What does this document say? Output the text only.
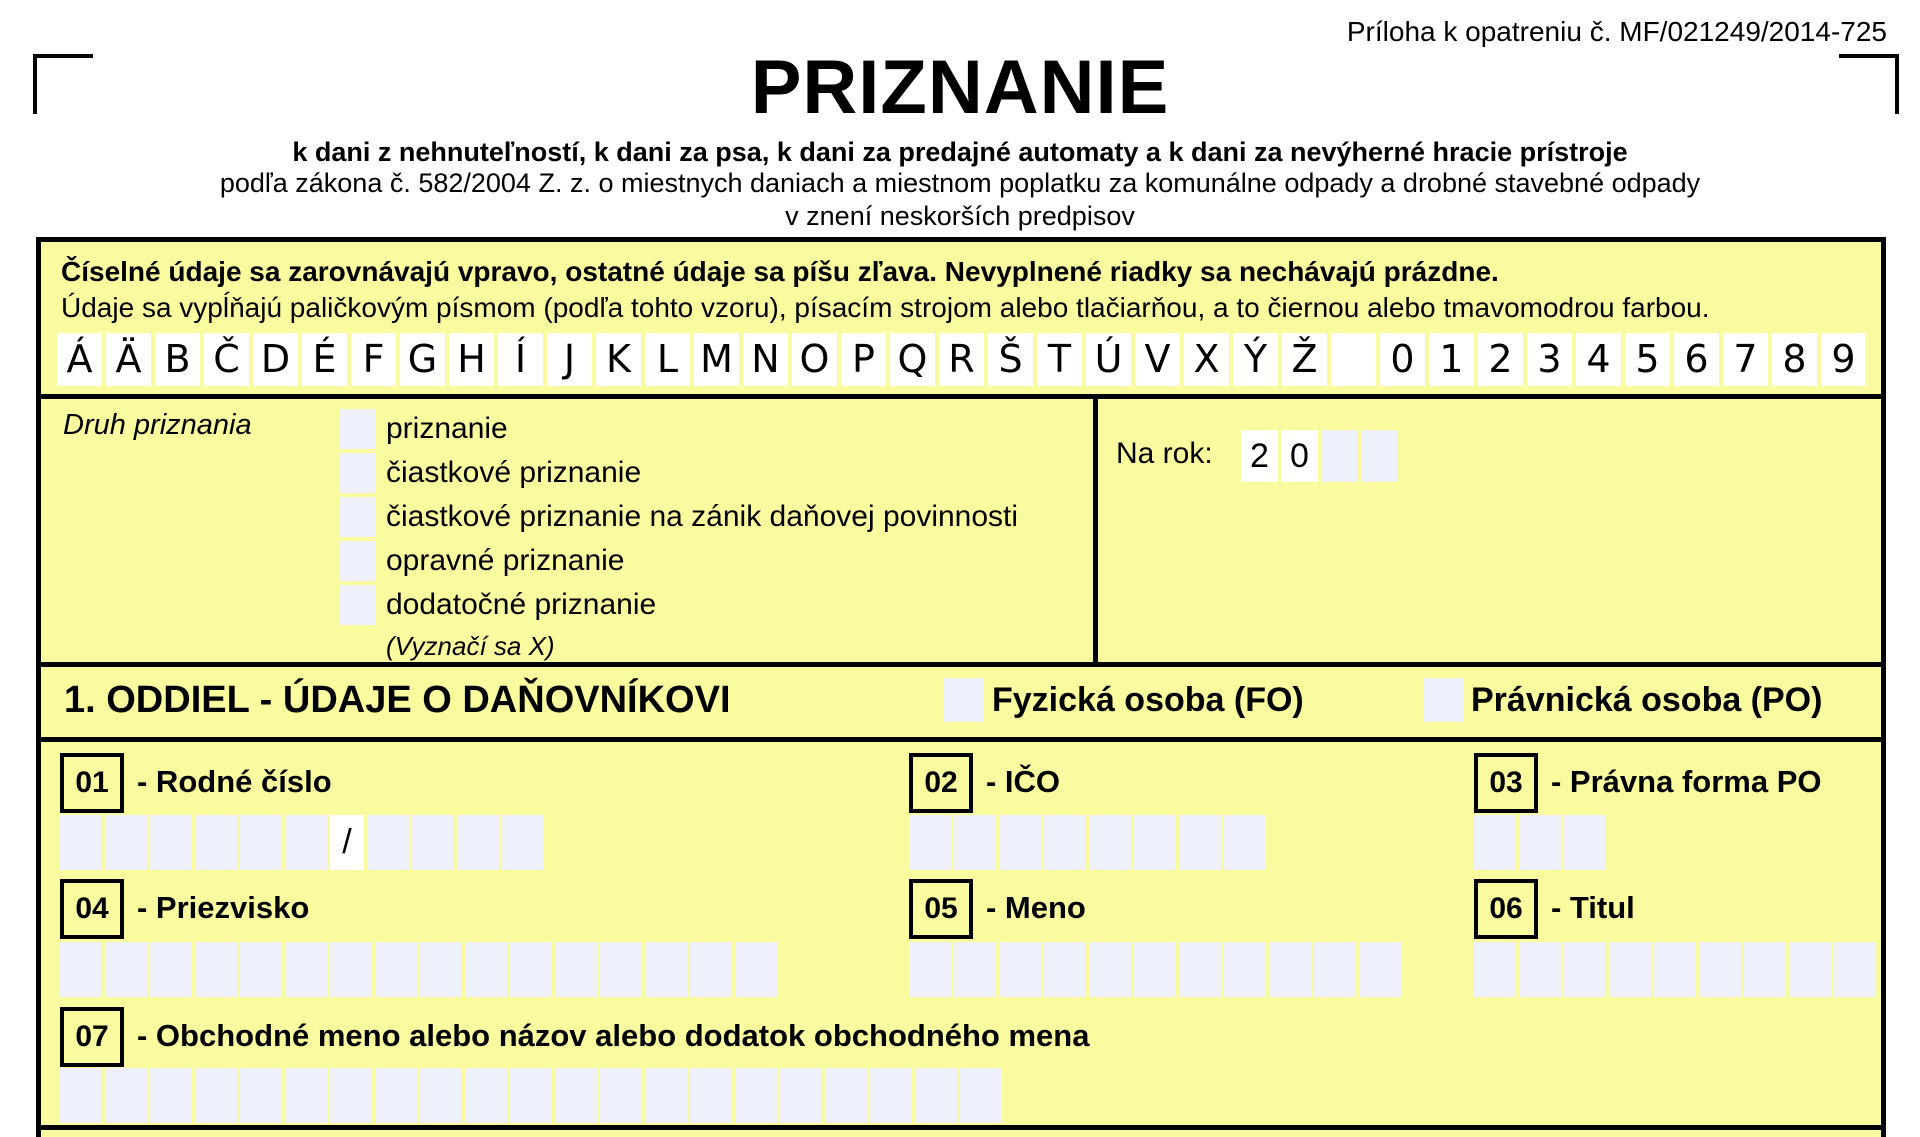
Príloha k opatreniu č. MF/021249/2014-725
PRIZNANIE
k dani z nehnuteľností, k dani za psa, k dani za predajné automaty a k dani za nevýherné hracie prístroje
podľa zákona č. 582/2004 Z. z. o miestnych daniach a miestnom poplatku za komunálne odpady a drobné stavebné odpady
v znení neskorších predpisov
Číselné údaje sa zarovnávajú vpravo, ostatné údaje sa píšu zľava. Nevyplnené riadky sa nechávajú prázdne.
Údaje sa vypĺňajú paličkovým písmom (podľa tohto vzoru), písacím strojom alebo tlačiarňou, a to čiernou alebo tmavomodrou farbou.
Á Ä B Č D É F G H Í J K L M N O P Q R Š T Ú V X Ý Ž 0 1 2 3 4 5 6 7 8 9
Druh priznania	priznanie
čiastkové priznanie
čiastkové priznanie na zánik daňovej povinnosti
opravné priznanie
dodatočné priznanie
(Vyznačí sa X)
Na rok: 2 0
1. ODDIEL - ÚDAJE O DAŇOVNÍKOVI	Fyzická osoba (FO)	Právnická osoba (PO)
01 - Rodné číslo
/
02 - IČO	03 - Právna forma PO
04 - Priezvisko	05 - Meno	06 - Titul
07 - Obchodné meno alebo názov alebo dodatok obchodného mena
